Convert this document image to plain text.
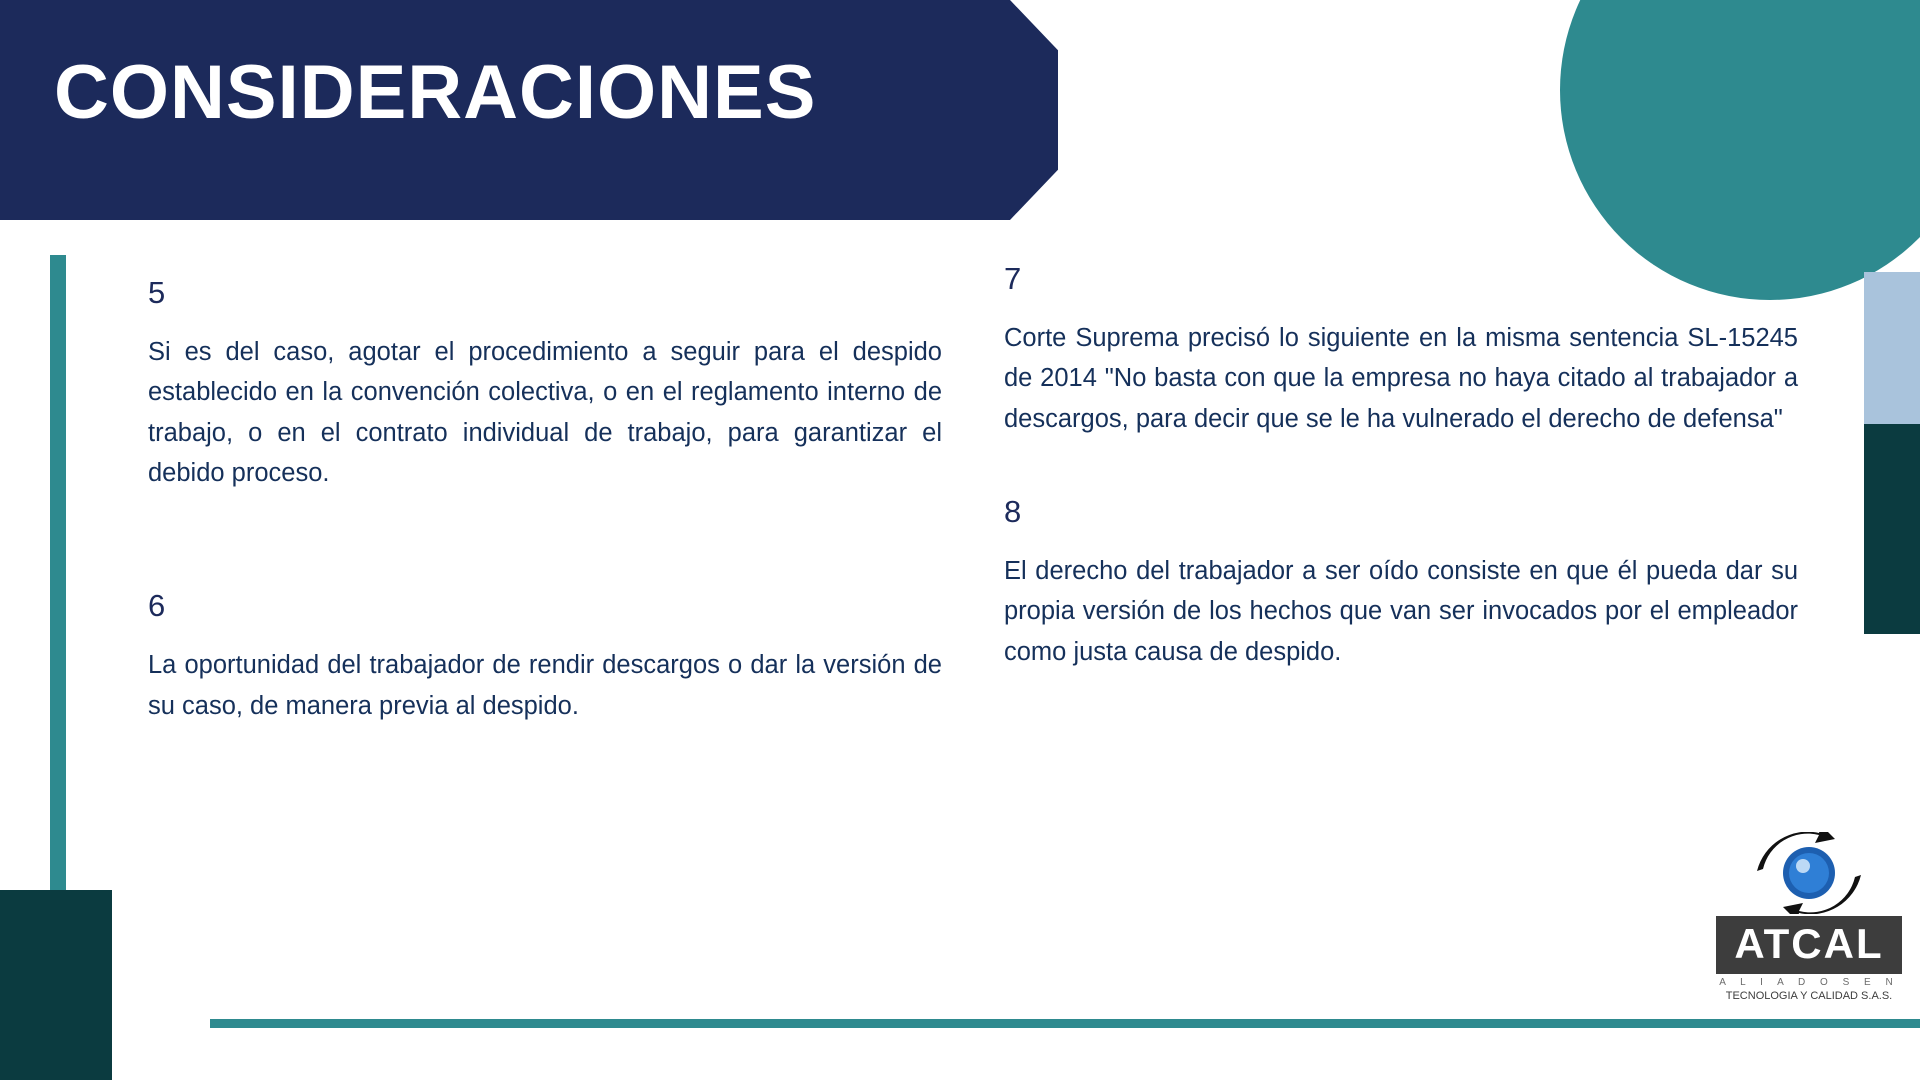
CONSIDERACIONES
5
Si es del caso, agotar el procedimiento a seguir para el despido establecido en la convención colectiva, o en el reglamento interno de trabajo, o en el contrato individual de trabajo, para garantizar el debido proceso.
6
La oportunidad del trabajador de rendir descargos o dar la versión de su caso, de manera previa al despido.
7
Corte Suprema precisó lo siguiente en la misma sentencia SL-15245 de 2014 "No basta con que la empresa no haya citado al trabajador a descargos, para decir que se le ha vulnerado el derecho de defensa"
8
El derecho del trabajador a ser oído consiste en que él pueda dar su propia versión de los hechos que van ser invocados por el empleador como justa causa de despido.
ATCAL
A L I A D O S E N
TECNOLOGIA Y CALIDAD S.A.S.
